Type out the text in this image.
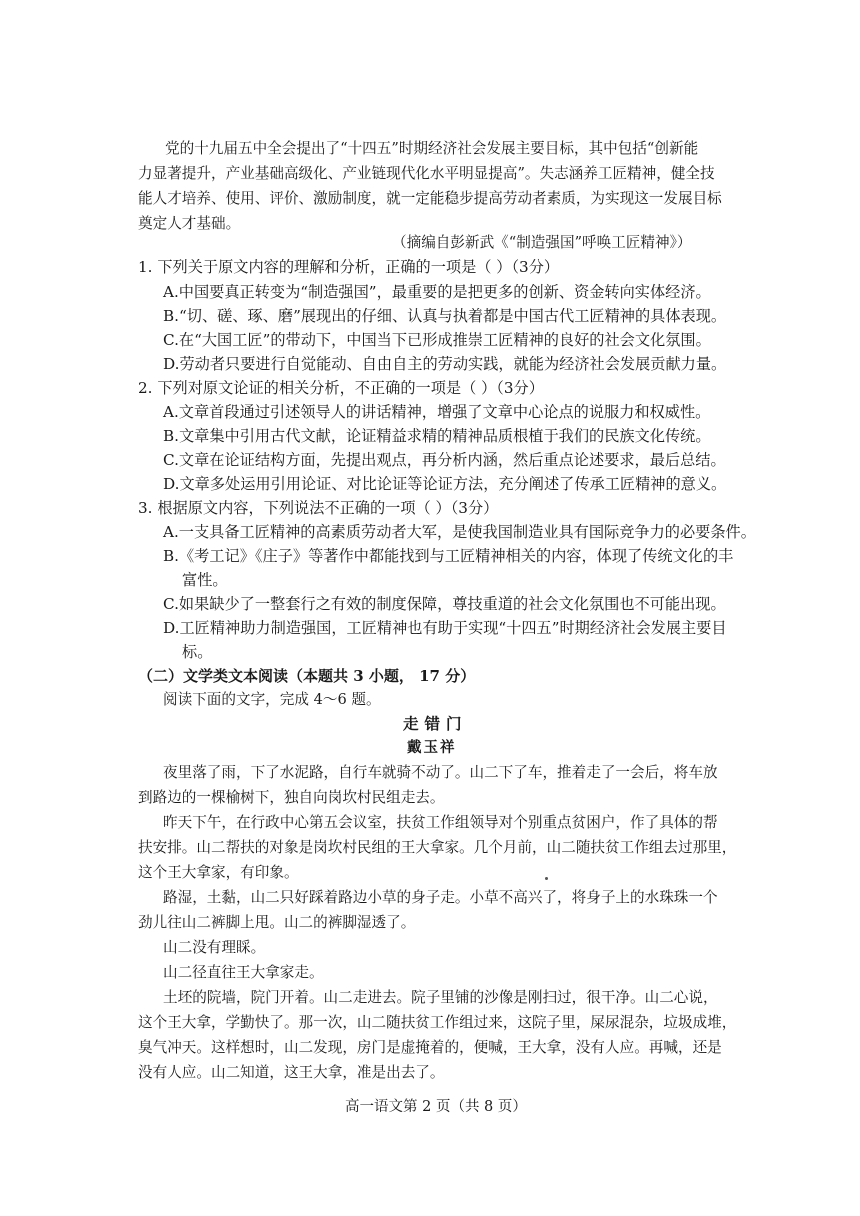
党的十九届五中全会提出了“十四五”时期经济社会发展主要目标，其中包括“创新能
力显著提升，产业基础高级化、产业链现代化水平明显提高”。失志涵养工匠精神，健全技
能人才培养、使用、评价、激励制度，就一定能稳步提高劳动者素质，为实现这一发展目标
奠定人才基础。
（摘编自彭新武《“制造强国”呼唤工匠精神》）
1. 下列关于原文内容的理解和分析，正确的一项是（ ）（3分）
A.中国要真正转变为“制造强国”，最重要的是把更多的创新、资金转向实体经济。
B.“切、磋、琢、磨”展现出的仔细、认真与执着都是中国古代工匠精神的具体表现。
C.在“大国工匠”的带动下，中国当下已形成推崇工匠精神的良好的社会文化氛围。
D.劳动者只要进行自觉能动、自由自主的劳动实践，就能为经济社会发展贡献力量。
2. 下列对原文论证的相关分析，不正确的一项是（ ）（3分）
A.文章首段通过引述领导人的讲话精神，增强了文章中心论点的说服力和权威性。
B.文章集中引用古代文献，论证精益求精的精神品质根植于我们的民族文化传统。
C.文章在论证结构方面，先提出观点，再分析内涵，然后重点论述要求，最后总结。
D.文章多处运用引用论证、对比论证等论证方法，充分阐述了传承工匠精神的意义。
3. 根据原文内容，下列说法不正确的一项（ ）（3分）
A.一支具备工匠精神的高素质劳动者大军，是使我国制造业具有国际竞争力的必要条件。
B.《考工记》《庄子》等著作中都能找到与工匠精神相关的内容，体现了传统文化的丰
富性。
C.如果缺少了一整套行之有效的制度保障，尊技重道的社会文化氛围也不可能出现。
D.工匠精神助力制造强国，工匠精神也有助于实现“十四五”时期经济社会发展主要目
标。
（二）文学类文本阅读（本题共 3 小题， 17 分）
阅读下面的文字，完成 4～6 题。
走错门
戴玉祥
夜里落了雨，下了水泥路，自行车就骑不动了。山二下了车，推着走了一会后，将车放
到路边的一棵榆树下，独自向岗坎村民组走去。
昨天下午，在行政中心第五会议室，扶贫工作组领导对个别重点贫困户，作了具体的帮
扶安排。山二帮扶的对象是岗坎村民组的王大拿家。几个月前，山二随扶贫工作组去过那里，
这个王大拿家，有印象。
路湿，土黏，山二只好踩着路边小草的身子走。小草不高兴了，将身子上的水珠珠一个
劲儿往山二裤脚上甩。山二的裤脚湿透了。
山二没有理睬。
山二径直往王大拿家走。
土坯的院墙，院门开着。山二走进去。院子里铺的沙像是刚扫过，很干净。山二心说，
这个王大拿，学勤快了。那一次，山二随扶贫工作组过来，这院子里，屎尿混杂，垃圾成堆，
臭气冲天。这样想时，山二发现，房门是虚掩着的，便喊，王大拿，没有人应。再喊，还是
没有人应。山二知道，这王大拿，准是出去了。
高一语文第 2 页（共 8 页）
